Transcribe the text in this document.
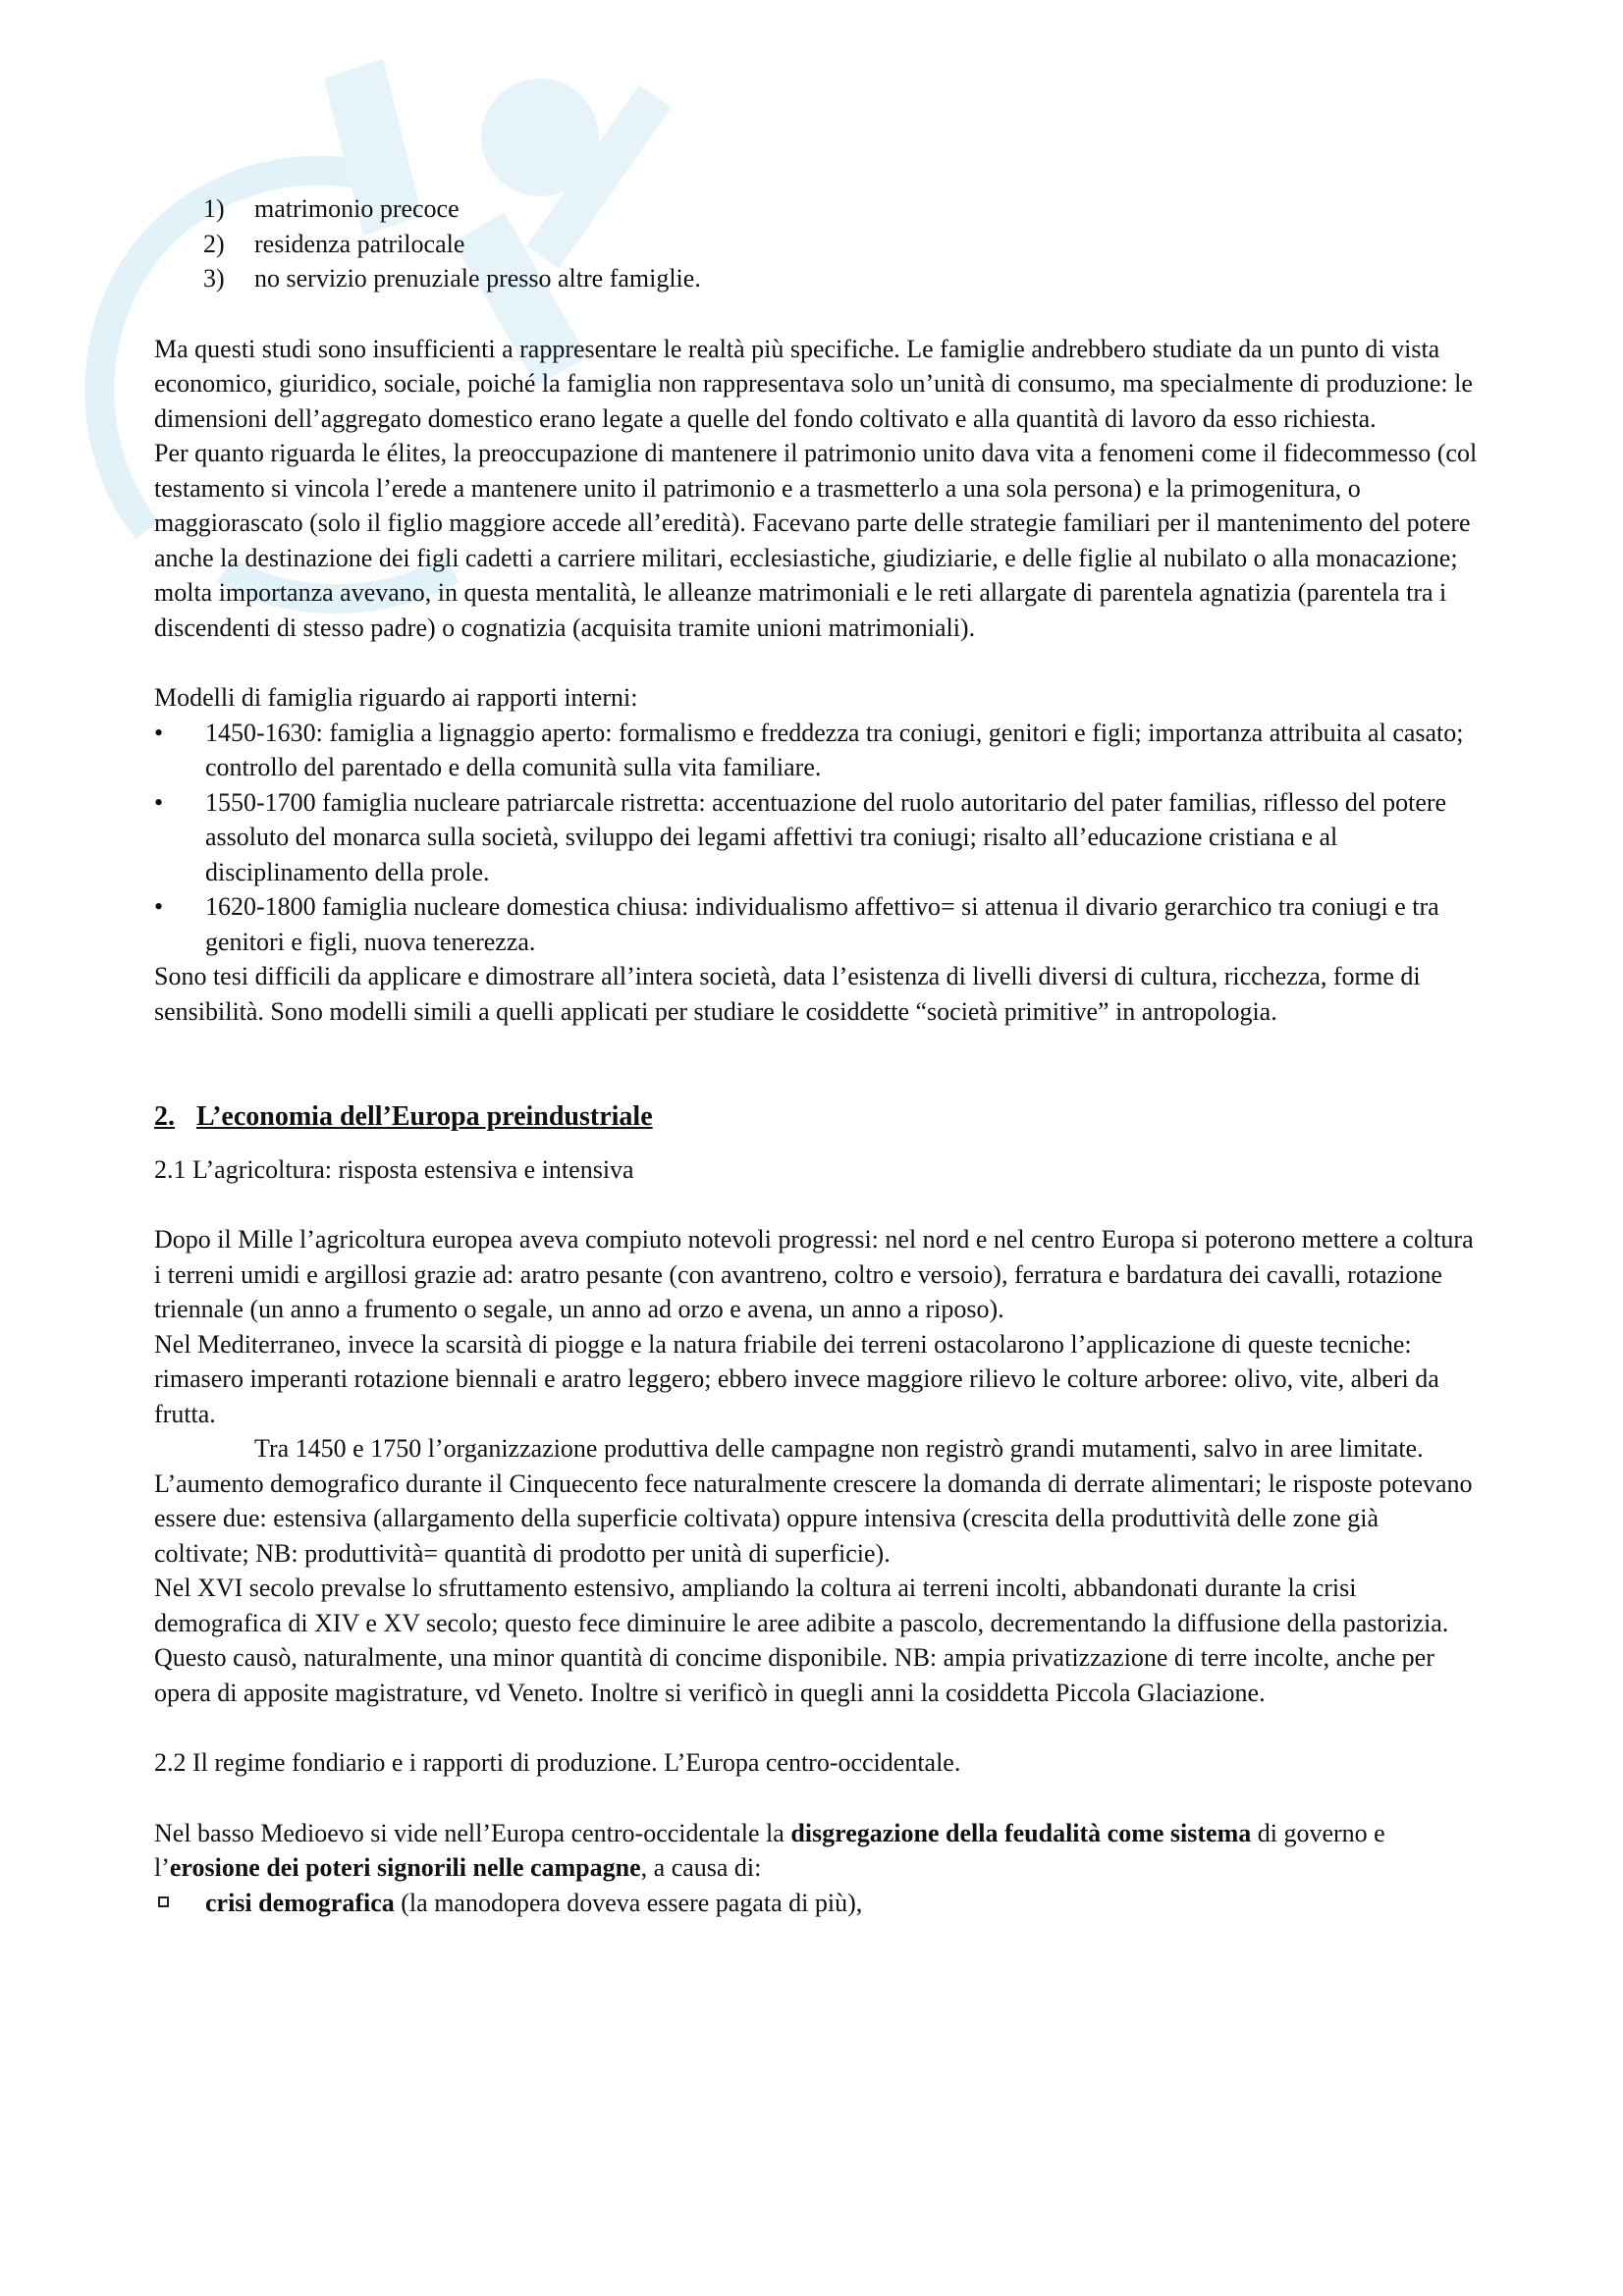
1) matrimonio precoce
2) residenza patrilocale
3) no servizio prenuziale presso altre famiglie.

Ma questi studi sono insufficienti a rappresentare le realtà più specifiche. Le famiglie andrebbero studiate da un punto di vista economico, giuridico, sociale, poiché la famiglia non rappresentava solo un’unità di consumo, ma specialmente di produzione: le dimensioni dell’aggregato domestico erano legate a quelle del fondo coltivato e alla quantità di lavoro da esso richiesta.

Per quanto riguarda le élites, la preoccupazione di mantenere il patrimonio unito dava vita a fenomeni come il fidecommesso (col testamento si vincola l’erede a mantenere unito il patrimonio e a trasmetterlo a una sola persona) e la primogenitura, o maggiorascato (solo il figlio maggiore accede all’eredità). Facevano parte delle strategie familiari per il mantenimento del potere anche la destinazione dei figli cadetti a carriere militari, ecclesiastiche, giudiziarie, e delle figlie al nubilato o alla monacazione; molta importanza avevano, in questa mentalità, le alleanze matrimoniali e le reti allargate di parentela agnatizia (parentela tra i discendenti di stesso padre) o cognatizia (acquisita tramite unioni matrimoniali).

Modelli di famiglia riguardo ai rapporti interni:

• 1450-1630: famiglia a lignaggio aperto: formalismo e freddezza tra coniugi, genitori e figli; importanza attribuita al casato; controllo del parentado e della comunità sulla vita familiare.
• 1550-1700 famiglia nucleare patriarcale ristretta: accentuazione del ruolo autoritario del pater familias, riflesso del potere assoluto del monarca sulla società, sviluppo dei legami affettivi tra coniugi; risalto all’educazione cristiana e al disciplinamento della prole.
• 1620-1800 famiglia nucleare domestica chiusa: individualismo affettivo= si attenua il divario gerarchico tra coniugi e tra genitori e figli, nuova tenerezza.

Sono tesi difficili da applicare e dimostrare all’intera società, data l’esistenza di livelli diversi di cultura, ricchezza, forme di sensibilità. Sono modelli simili a quelli applicati per studiare le cosiddette “società primitive” in antropologia.

2. L’economia dell’Europa preindustriale

2.1 L’agricoltura: risposta estensiva e intensiva

Dopo il Mille l’agricoltura europea aveva compiuto notevoli progressi: nel nord e nel centro Europa si poterono mettere a coltura i terreni umidi e argillosi grazie ad: aratro pesante (con avantreno, coltro e versoio), ferratura e bardatura dei cavalli, rotazione triennale (un anno a frumento o segale, un anno ad orzo e avena, un anno a riposo).

Nel Mediterraneo, invece la scarsità di piogge e la natura friabile dei terreni ostacolarono l’applicazione di queste tecniche: rimasero imperanti rotazione biennali e aratro leggero; ebbero invece maggiore rilievo le colture arboree: olivo, vite, alberi da frutta.

Tra 1450 e 1750 l’organizzazione produttiva delle campagne non registrò grandi mutamenti, salvo in aree limitate. L’aumento demografico durante il Cinquecento fece naturalmente crescere la domanda di derrate alimentari; le risposte potevano essere due: estensiva (allargamento della superficie coltivata) oppure intensiva (crescita della produttività delle zone già coltivate; NB: produttività= quantità di prodotto per unità di superficie).

Nel XVI secolo prevalse lo sfruttamento estensivo, ampliando la coltura ai terreni incolti, abbandonati durante la crisi demografica di XIV e XV secolo; questo fece diminuire le aree adibite a pascolo, decrementando la diffusione della pastorizia. Questo causò, naturalmente, una minor quantità di concime disponibile. NB: ampia privatizzazione di terre incolte, anche per opera di apposite magistrature, vd Veneto. Inoltre si verificò in quegli anni la cosiddetta Piccola Glaciazione.

2.2 Il regime fondiario e i rapporti di produzione. L’Europa centro-occidentale.

Nel basso Medioevo si vide nell’Europa centro-occidentale la disgregazione della feudalità come sistema di governo e l’erosione dei poteri signorili nelle campagne, a causa di:

crisi demografica (la manodopera doveva essere pagata di più),
